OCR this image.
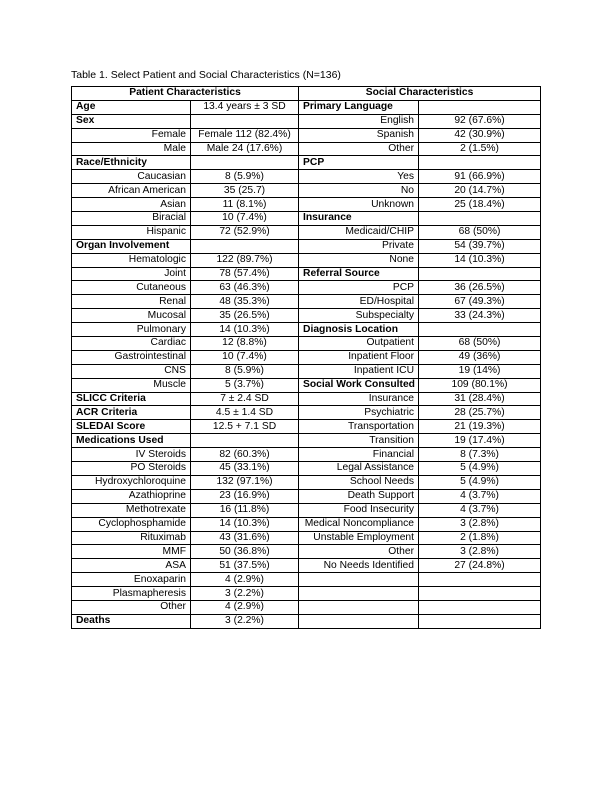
Table 1. Select Patient and Social Characteristics (N=136)
Patient Characteristics		Social Characteristics	
Age	13.4 years ± 3 SD	Primary Language	
Sex		English	92 (67.6%)
Female	Female 112 (82.4%)	Spanish	42 (30.9%)
Male	Male 24 (17.6%)	Other	2 (1.5%)
Race/Ethnicity		PCP	
Caucasian	8 (5.9%)	Yes	91 (66.9%)
African American	35 (25.7)	No	20 (14.7%)
Asian	11 (8.1%)	Unknown	25 (18.4%)
Biracial	10 (7.4%)	Insurance	
Hispanic	72 (52.9%)	Medicaid/CHIP	68 (50%)
Organ Involvement		Private	54 (39.7%)
Hematologic	122 (89.7%)	None	14 (10.3%)
Joint	78 (57.4%)	Referral Source	
Cutaneous	63 (46.3%)	PCP	36 (26.5%)
Renal	48 (35.3%)	ED/Hospital	67 (49.3%)
Mucosal	35 (26.5%)	Subspecialty	33 (24.3%)
Pulmonary	14 (10.3%)	Diagnosis Location	
Cardiac	12 (8.8%)	Outpatient	68 (50%)
Gastrointestinal	10 (7.4%)	Inpatient Floor	49 (36%)
CNS	8 (5.9%)	Inpatient ICU	19 (14%)
Muscle	5 (3.7%)	Social Work Consulted	109 (80.1%)
SLICC Criteria	7 ± 2.4 SD	Insurance	31 (28.4%)
ACR Criteria	4.5 ± 1.4 SD	Psychiatric	28 (25.7%)
SLEDAI Score	12.5 + 7.1 SD	Transportation	21 (19.3%)
Medications Used		Transition	19 (17.4%)
IV Steroids	82 (60.3%)	Financial	8 (7.3%)
PO Steroids	45 (33.1%)	Legal Assistance	5 (4.9%)
Hydroxychloroquine	132 (97.1%)	School Needs	5 (4.9%)
Azathioprine	23 (16.9%)	Death Support	4 (3.7%)
Methotrexate	16 (11.8%)	Food Insecurity	4 (3.7%)
Cyclophosphamide	14 (10.3%)	Medical Noncompliance	3 (2.8%)
Rituximab	43 (31.6%)	Unstable Employment	2 (1.8%)
MMF	50 (36.8%)	Other	3 (2.8%)
ASA	51 (37.5%)	No Needs Identified	27 (24.8%)
Enoxaparin	4 (2.9%)		
Plasmapheresis	3 (2.2%)		
Other	4 (2.9%)		
Deaths	3 (2.2%)		
